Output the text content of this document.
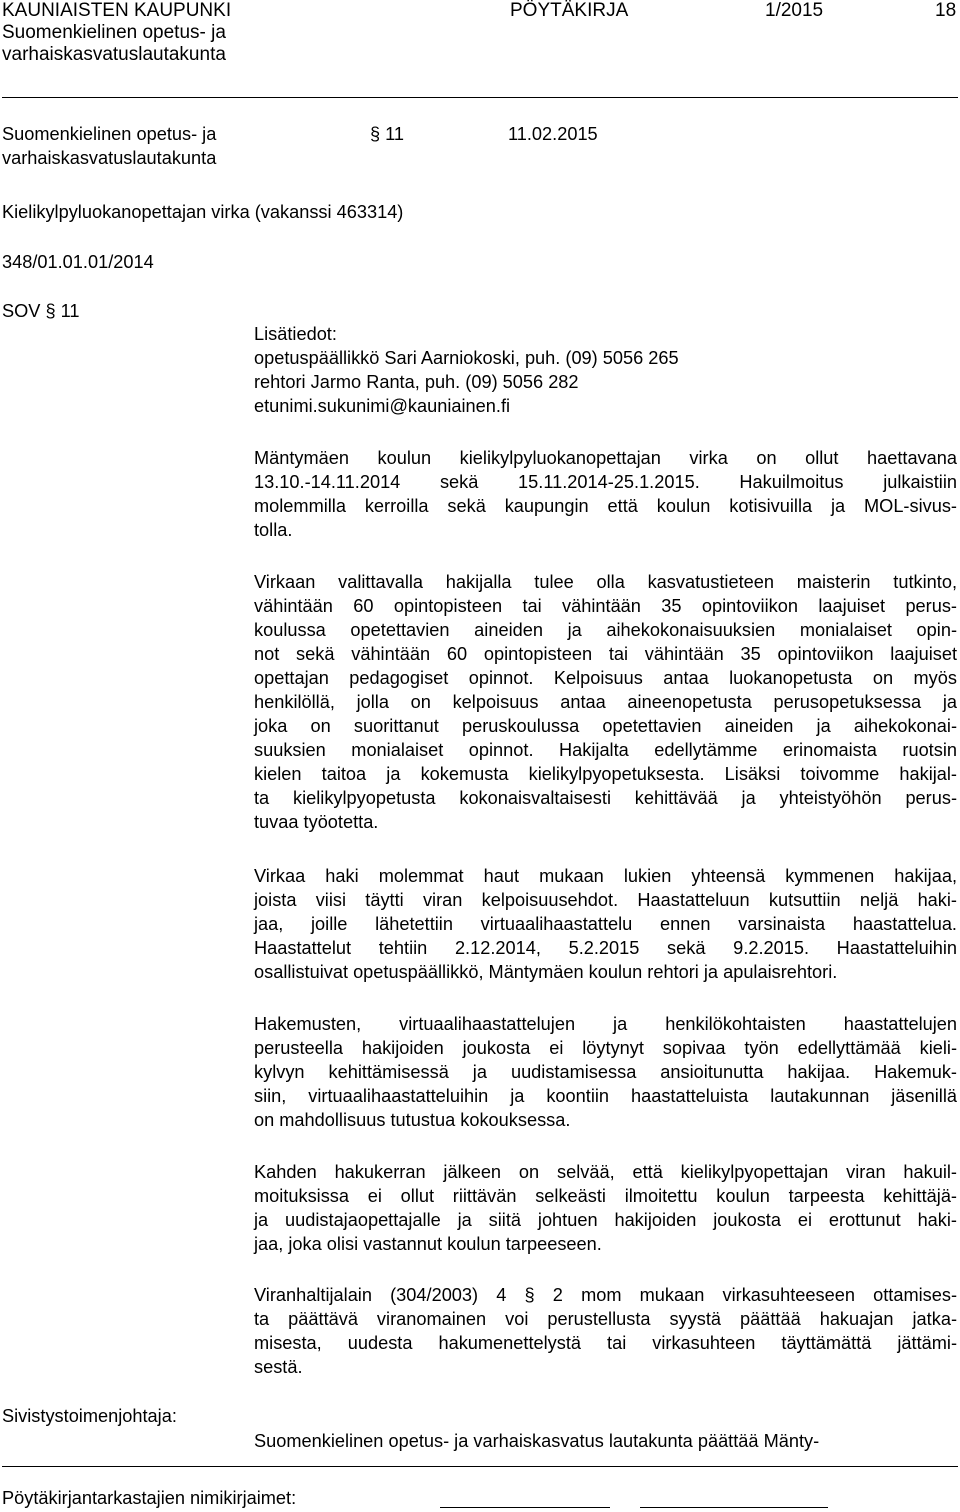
KAUNIAISTEN KAUPUNKI
Suomenkielinen opetus- ja
varhaiskasvatuslautakunta
PÖYTÄKIRJA	1/2015	18
Suomenkielinen opetus- ja
varhaiskasvatuslautakunta
§ 11	11.02.2015
Kielikylpyluokanopettajan virka (vakanssi 463314)
348/01.01.01/2014
SOV § 11
Lisätiedot:
opetuspäällikkö Sari Aarniokoski, puh. (09) 5056 265
rehtori Jarmo Ranta, puh. (09) 5056 282
etunimi.sukunimi@kauniainen.fi
Mäntymäen koulun kielikylpyluokanopettajan virka on ollut haettavana
13.10.-14.11.2014 sekä 15.11.2014-25.1.2015. Hakuilmoitus julkaistiin
molemmilla kerroilla sekä kaupungin että koulun kotisivuilla ja MOL-sivus-
tolla.
Virkaan valittavalla hakijalla tulee olla kasvatustieteen maisterin tutkinto,
vähintään 60 opintopisteen tai vähintään 35 opintoviikon laajuiset perus-
koulussa opetettavien aineiden ja aihekokonaisuuksien monialaiset opin-
not sekä vähintään 60 opintopisteen tai vähintään 35 opintoviikon laajuiset
opettajan pedagogiset opinnot. Kelpoisuus antaa luokanopetusta on myös
henkilöllä, jolla on kelpoisuus antaa aineenopetusta perusopetuksessa ja
joka on suorittanut peruskoulussa opetettavien aineiden ja aihekokonai-
suuksien monialaiset opinnot. Hakijalta edellytämme erinomaista ruotsin
kielen taitoa ja kokemusta kielikylpyopetuksesta. Lisäksi toivomme hakijal-
ta kielikylpyopetusta kokonaisvaltaisesti kehittävää ja yhteistyöhön perus-
tuvaa työotetta.
Virkaa haki molemmat haut mukaan lukien yhteensä kymmenen hakijaa,
joista viisi täytti viran kelpoisuusehdot. Haastatteluun kutsuttiin neljä haki-
jaa, joille lähetettiin virtuaalihaastattelu ennen varsinaista haastattelua.
Haastattelut tehtiin 2.12.2014, 5.2.2015 sekä 9.2.2015. Haastatteluihin
osallistuivat opetuspäällikkö, Mäntymäen koulun rehtori ja apulaisrehtori.
Hakemusten, virtuaalihaastattelujen ja henkilökohtaisten haastattelujen
perusteella hakijoiden joukosta ei löytynyt sopivaa työn edellyttämää kieli-
kylvyn kehittämisessä ja uudistamisessa ansioitunutta hakijaa. Hakemuk-
siin, virtuaalihaastatteluihin ja koontiin haastatteluista lautakunnan jäsenillä
on mahdollisuus tutustua kokouksessa.
Kahden hakukerran jälkeen on selvää, että kielikylpyopettajan viran hakuil-
moituksissa ei ollut riittävän selkeästi ilmoitettu koulun tarpeesta kehittäjä-
ja uudistajaopettajalle ja siitä johtuen hakijoiden joukosta ei erottunut haki-
jaa, joka olisi vastannut koulun tarpeeseen.
Viranhaltijalain (304/2003) 4 § 2 mom mukaan virkasuhteeseen ottamises-
ta päättävä viranomainen voi perustellusta syystä päättää hakuajan jatka-
misesta, uudesta hakumenettelystä tai virkasuhteen täyttämättä jättämi-
sestä.
Sivistystoimenjohtaja:
Suomenkielinen opetus- ja varhaiskasvatus lautakunta päättää Mänty-
Pöytäkirjantarkastajien nimikirjaimet:
